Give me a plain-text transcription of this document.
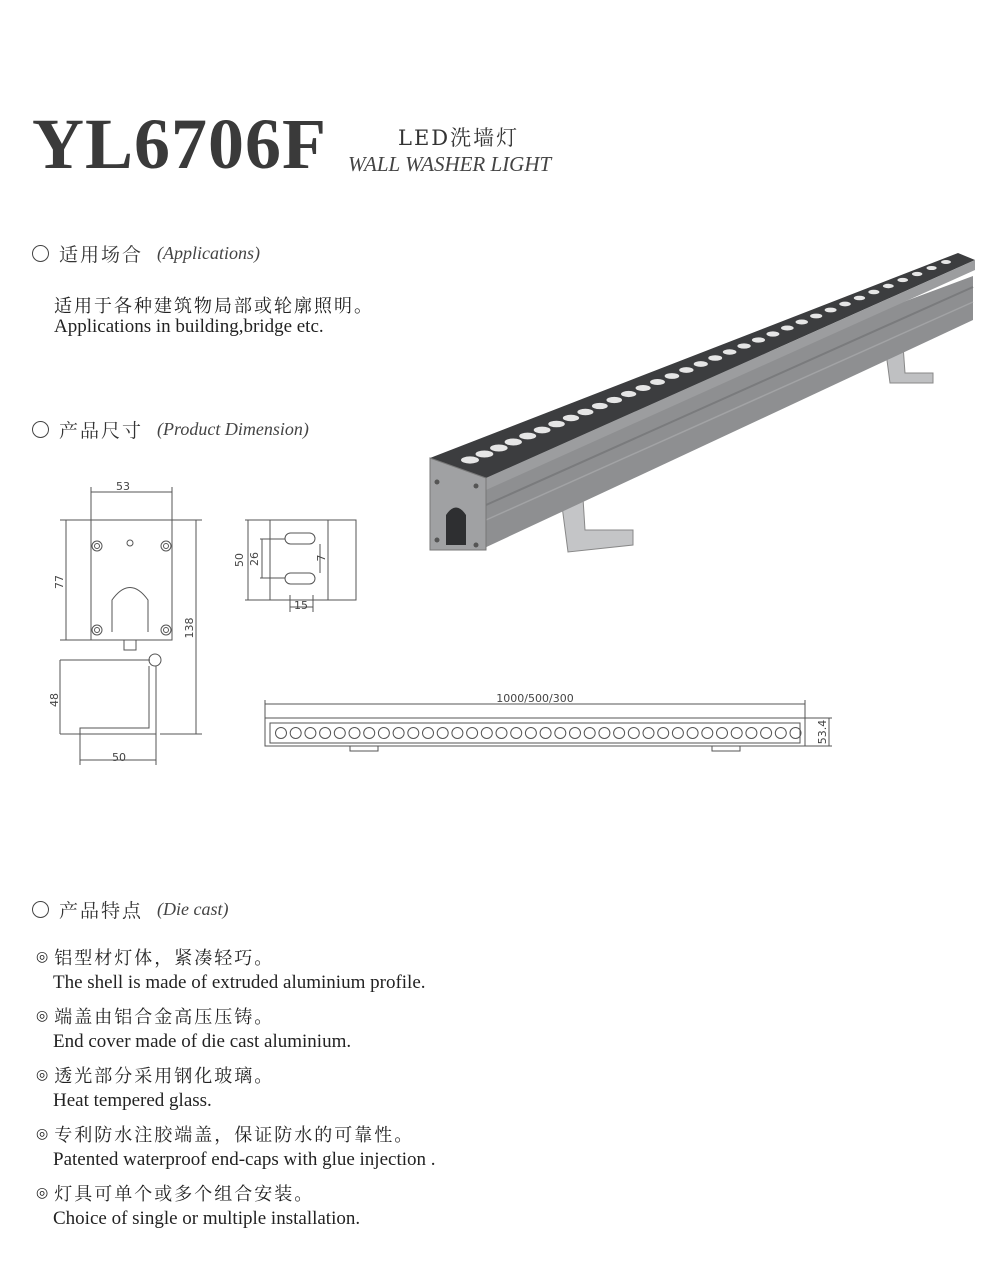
YL6706F	LED洗墙灯
WALL WASHER LIGHT
适用场合 (Applications)
适用于各种建筑物局部或轮廓照明。
Applications in building,bridge etc.
产品尺寸 (Product Dimension)
53
77
138
48
50
50 26	7
15
1000/500/300
53.4
产品特点 (Die cast)
◎ 铝型材灯体，紧凑轻巧。
The shell is made of extruded aluminium profile.
◎ 端盖由铝合金高压压铸。
End cover made of die cast aluminium.
◎ 透光部分采用钢化玻璃。
Heat tempered glass.
◎ 专利防水注胶端盖，保证防水的可靠性。
Patented waterproof end-caps with glue injection .
◎ 灯具可单个或多个组合安装。
Choice of single or multiple installation.
